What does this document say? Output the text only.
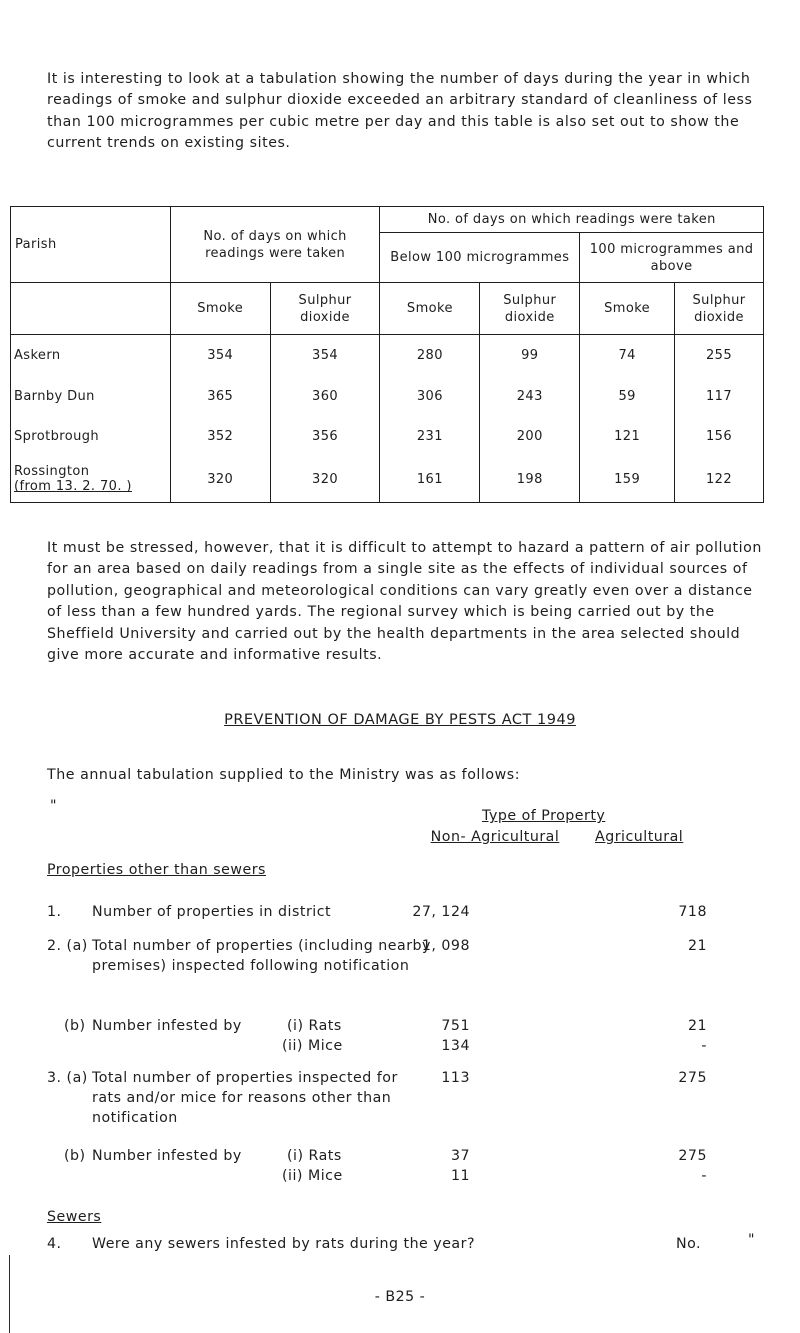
It is interesting to look at a tabulation showing the number of days during the year in which readings of smoke and sulphur dioxide exceeded an arbitrary standard of cleanliness of less than 100 microgrammes per cubic metre per day and this table is also set out to show the current trends on existing sites.

Parish	No. of days on which readings were taken		No. of days on which readings were taken			
			Below 100 microgrammes		100 microgrammes and above	
	Smoke	Sulphur dioxide	Smoke	Sulphur dioxide	Smoke	Sulphur dioxide
Askern	354	354	280	99	74	255
Barnby Dun	365	360	306	243	59	117
Sprotbrough	352	356	231	200	121	156
Rossington
(from 13. 2. 70. )	320	320	161	198	159	122

It must be stressed, however, that it is difficult to attempt to hazard a pattern of air pollution for an area based on daily readings from a single site as the effects of individual sources of pollution, geographical and meteorological conditions can vary greatly even over a distance of less than a few hundred yards. The regional survey which is being carried out by the Sheffield University and carried out by the health departments in the area selected should give more accurate and informative results.

PREVENTION OF DAMAGE BY PESTS ACT 1949

The annual tabulation supplied to the Ministry was as follows:

"
Type of Property
Non- Agricultural	Agricultural
Properties other than sewers
1. Number of properties in district	27, 124	718
2. (a) Total number of properties (including nearby premises) inspected following notification
1, 098	21
(b) Number infested by	(i) Rats	751	21
(ii) Mice	134	-
3. (a) Total number of properties inspected for rats and/or mice for reasons other than notification
113	275
(b) Number infested by	(i) Rats	37	275
(ii) Mice	11	-
Sewers
4. Were any sewers infested by rats during the year?	No.	"
- B25 -
